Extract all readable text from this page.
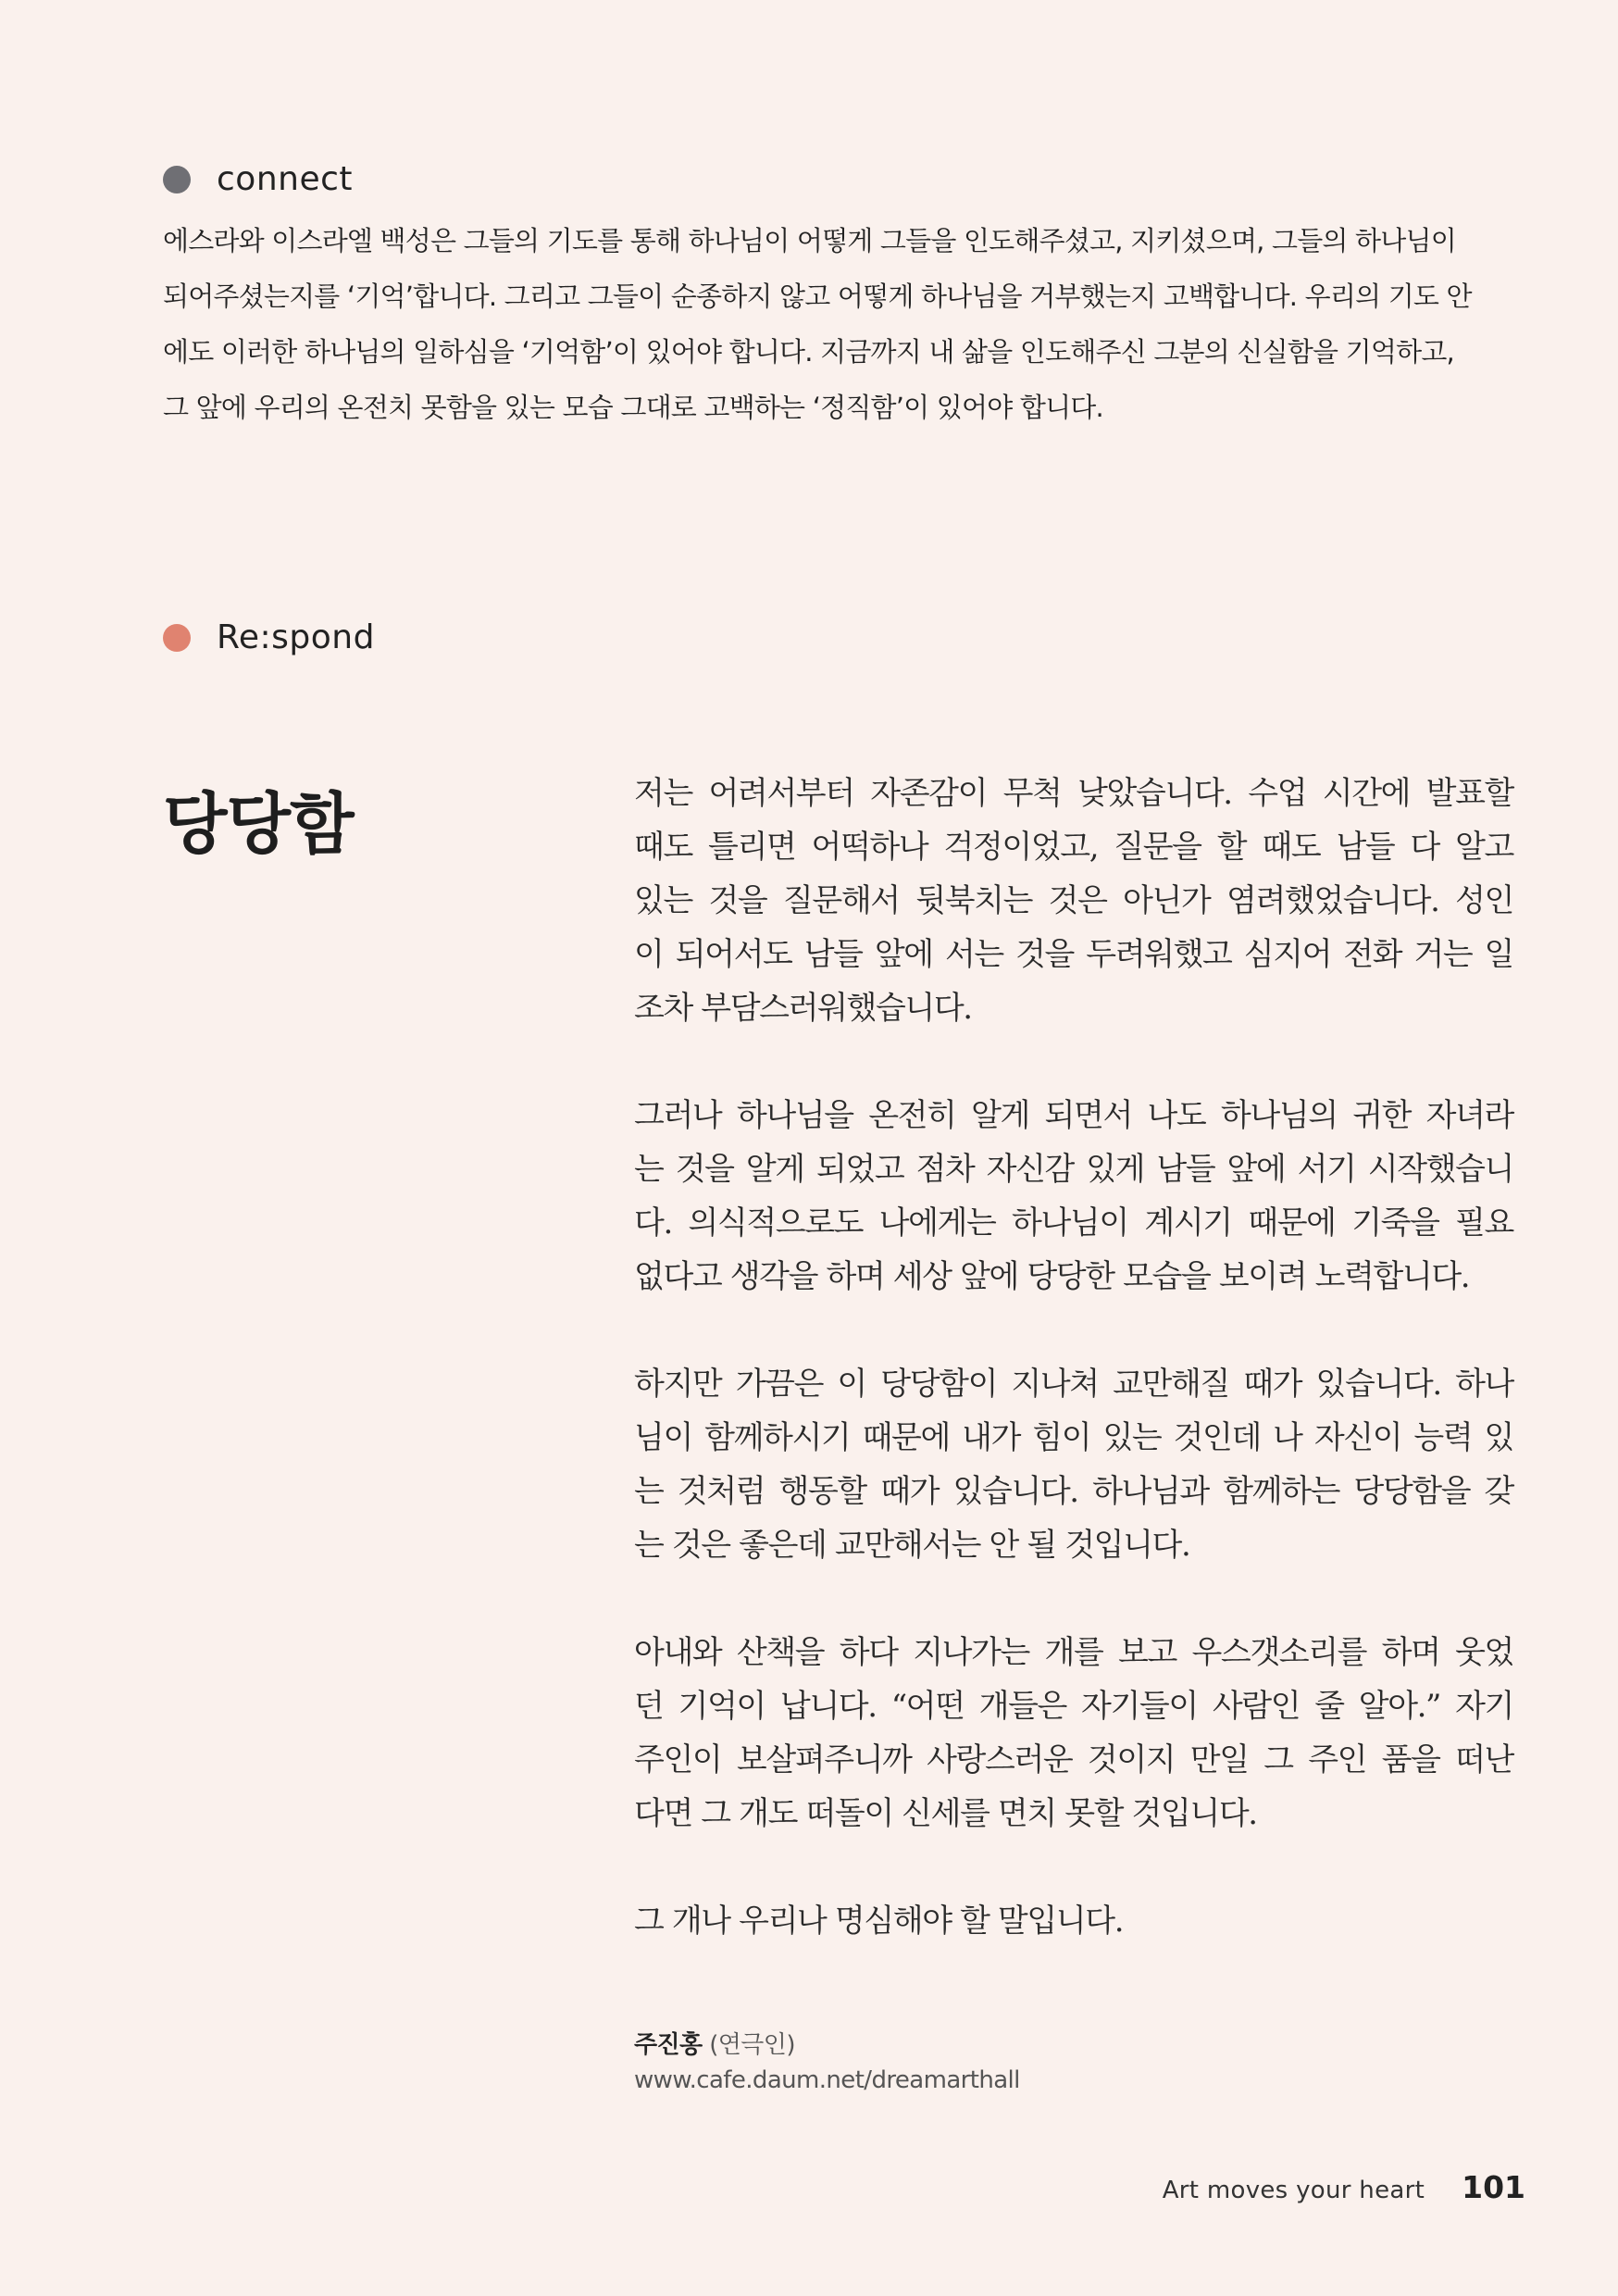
connect
에스라와 이스라엘 백성은 그들의 기도를 통해 하나님이 어떻게 그들을 인도해주셨고, 지키셨으며, 그들의 하나님이
되어주셨는지를 ‘기억’합니다. 그리고 그들이 순종하지 않고 어떻게 하나님을 거부했는지 고백합니다. 우리의 기도 안
에도 이러한 하나님의 일하심을 ‘기억함’이 있어야 합니다. 지금까지 내 삶을 인도해주신 그분의 신실함을 기억하고,
그 앞에 우리의 온전치 못함을 있는 모습 그대로 고백하는 ‘정직함’이 있어야 합니다.
Re:spond
당당함	저는 어려서부터 자존감이 무척 낮았습니다. 수업 시간에 발표할
때도 틀리면 어떡하나 걱정이었고, 질문을 할 때도 남들 다 알고
있는 것을 질문해서 뒷북치는 것은 아닌가 염려했었습니다. 성인
이 되어서도 남들 앞에 서는 것을 두려워했고 심지어 전화 거는 일
조차 부담스러워했습니다.
그러나 하나님을 온전히 알게 되면서 나도 하나님의 귀한 자녀라
는 것을 알게 되었고 점차 자신감 있게 남들 앞에 서기 시작했습니
다. 의식적으로도 나에게는 하나님이 계시기 때문에 기죽을 필요
없다고 생각을 하며 세상 앞에 당당한 모습을 보이려 노력합니다.
하지만 가끔은 이 당당함이 지나쳐 교만해질 때가 있습니다. 하나
님이 함께하시기 때문에 내가 힘이 있는 것인데 나 자신이 능력 있
는 것처럼 행동할 때가 있습니다. 하나님과 함께하는 당당함을 갖
는 것은 좋은데 교만해서는 안 될 것입니다.
아내와 산책을 하다 지나가는 개를 보고 우스갯소리를 하며 웃었
던 기억이 납니다. “어떤 개들은 자기들이 사람인 줄 알아.” 자기
주인이 보살펴주니까 사랑스러운 것이지 만일 그 주인 품을 떠난
다면 그 개도 떠돌이 신세를 면치 못할 것입니다.
그 개나 우리나 명심해야 할 말입니다.
주진홍 (연극인)
www.cafe.daum.net/dreamarthall
Art moves your heart 101
